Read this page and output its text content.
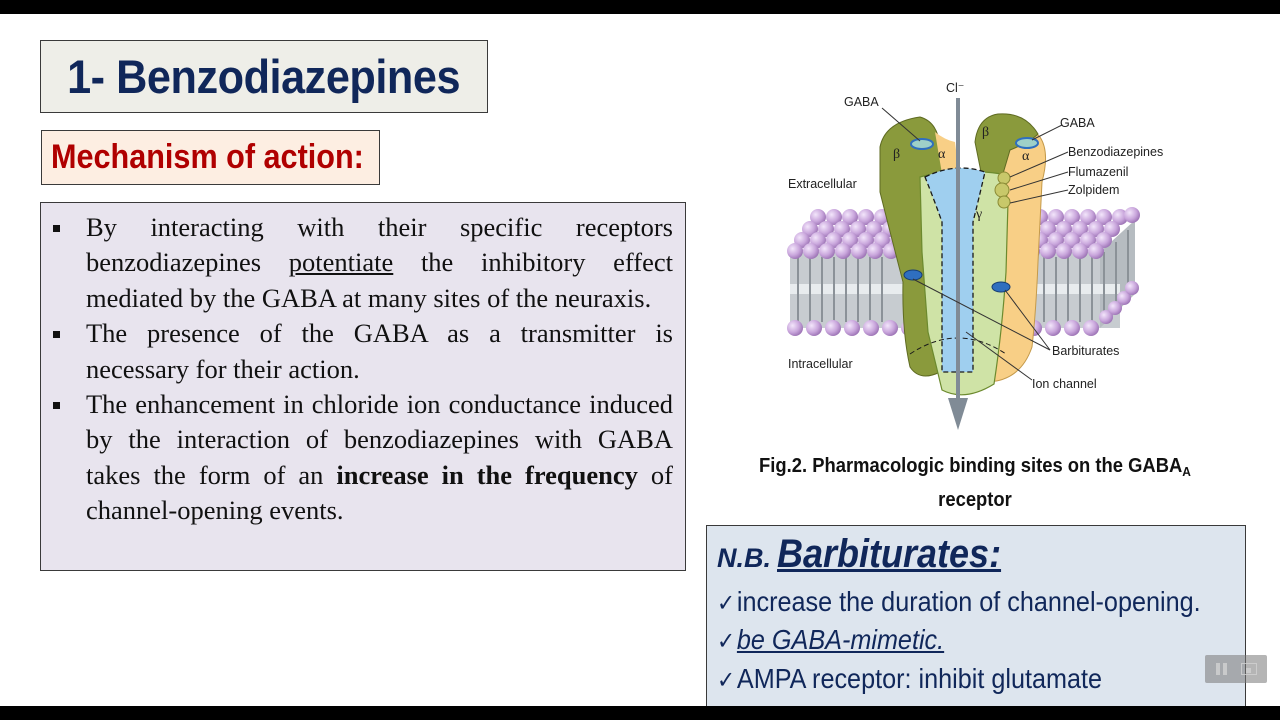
1- Benzodiazepines
Mechanism of action:
By interacting with their specific receptors benzodiazepines potentiate the inhibitory effect mediated by the GABA at many sites of the neuraxis.
The presence of the GABA as a transmitter is necessary for their action.
The enhancement in chloride ion conductance induced by the interaction of benzodiazepines with GABA takes the form of an increase in the frequency of channel-opening events.
β	α
β
α
γ
Cl⁻
GABA
GABA
Benzodiazepines
Flumazenil
Zolpidem
Extracellular
Intracellular
Barbiturates
Ion channel
Fig.2. Pharmacologic binding sites on the $GABA_A$
receptor
N.B. Barbiturates:
✓increase the duration of channel-opening.
✓be GABA-mimetic.
✓AMPA receptor: inhibit glutamate
